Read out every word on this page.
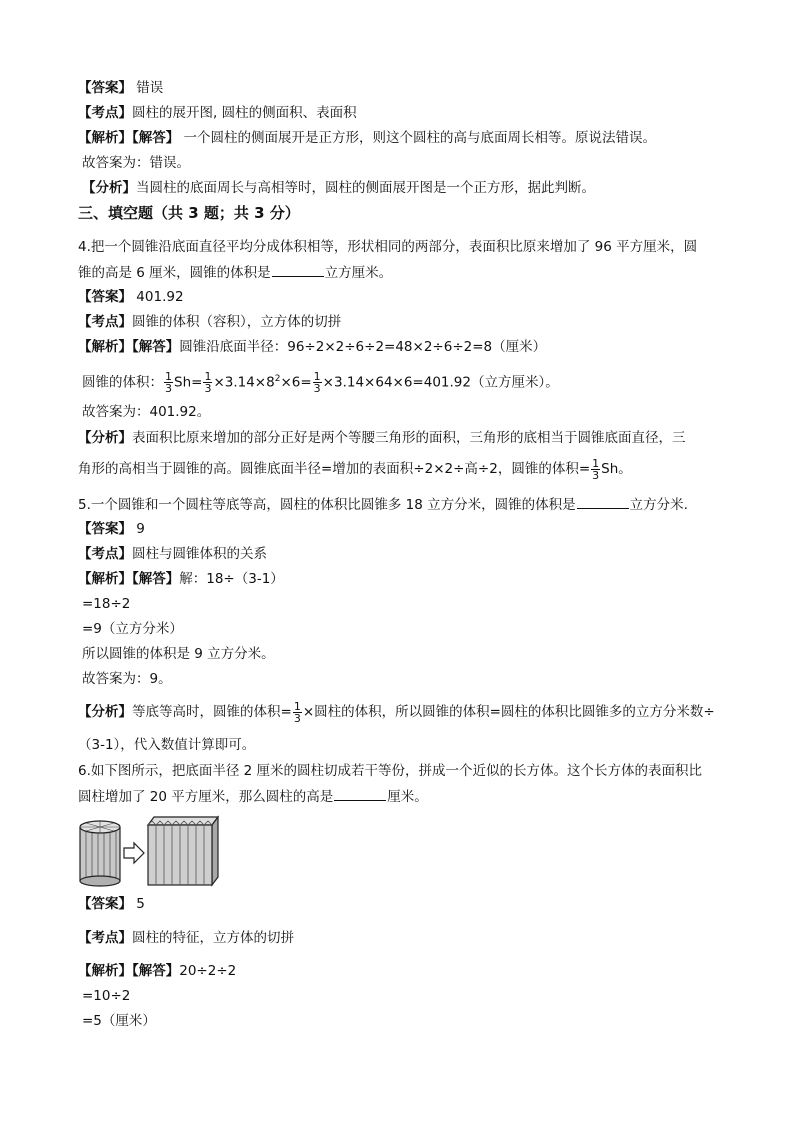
【答案】 错误
【考点】圆柱的展开图, 圆柱的侧面积、表面积
【解析】【解答】 一个圆柱的侧面展开是正方形，则这个圆柱的高与底面周长相等。原说法错误。
故答案为：错误。
【分析】当圆柱的底面周长与高相等时，圆柱的侧面展开图是一个正方形，据此判断。
三、填空题（共 3 题；共 3 分）
4.把一个圆锥沿底面直径平均分成体积相等，形状相同的两部分，表面积比原来增加了 96 平方厘米，圆
锥的高是 6 厘米，圆锥的体积是	立方厘米。
【答案】 401.92
【考点】圆锥的体积（容积），立方体的切拼
【解析】【解答】圆锥沿底面半径：96÷2×2÷6÷2=48×2÷6÷2=8（厘米）
圆锥的体积： $\frac{1}{3} Sh= \frac{1}{3} \times 3.14\times 8^2\times 6= \frac{1}{3} \times 3.14\times 64\times 6=401.92$（立方厘米）。
故答案为：401.92。
【分析】表面积比原来增加的部分正好是两个等腰三角形的面积，三角形的底相当于圆锥底面直径，三
角形的高相当于圆锥的高。圆锥底面半径=增加的表面积÷2×2÷高÷2，圆锥的体积= $\frac{1}{3}$ Sh。
5.一个圆锥和一个圆柱等底等高，圆柱的体积比圆锥多 18 立方分米，圆锥的体积是	立方分米.
【答案】 9
【考点】圆柱与圆锥体积的关系
【解析】【解答】解：18÷（3-1）
=18÷2
=9（立方分米）
所以圆锥的体积是 9 立方分米。
故答案为：9。
【分析】等底等高时，圆锥的体积= $\frac{1}{3}$ ×圆柱的体积，所以圆锥的体积=圆柱的体积比圆锥多的立方分米数÷
（3-1），代入数值计算即可。
6.如下图所示，把底面半径 2 厘米的圆柱切成若干等份，拼成一个近似的长方体。这个长方体的表面积比
圆柱增加了 20 平方厘米，那么圆柱的高是	厘米。
【答案】 5
【考点】圆柱的特征，立方体的切拼
【解析】【解答】20÷2÷2
=10÷2
=5（厘米）
